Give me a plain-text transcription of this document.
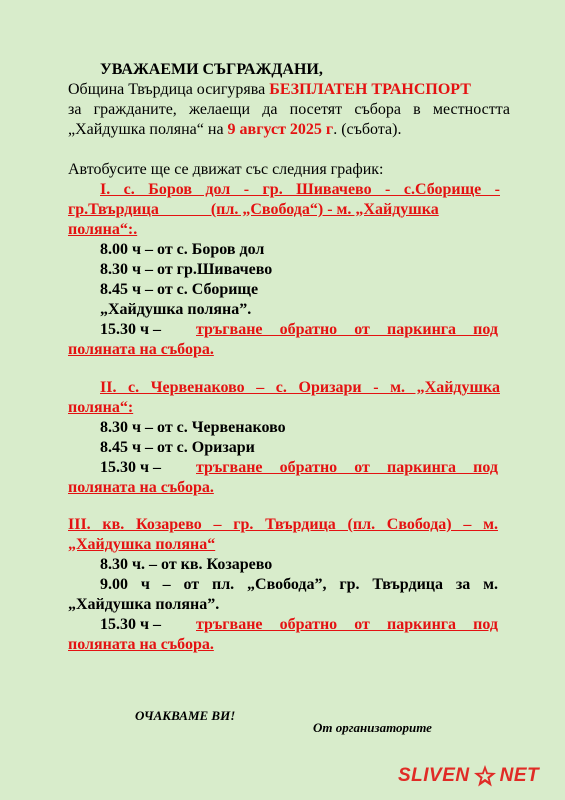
УВАЖАЕМИ СЪГРАЖДАНИ,
Община Твърдица осигурява БЕЗПЛАТЕН ТРАНСПОРТ
за гражданите, желаещи да посетят събора в местността
„Хайдушка поляна“ на 9 август 2025 г. (събота).
Автобусите ще се движат със следния график:
I. с. Боров дол - гр. Шивачево - с.Сборище -
гр.Твърдица             (пл. „Свобода“) - м. „Хайдушка
поляна“:.
8.00 ч – от с. Боров дол
8.30 ч – от гр.Шивачево
8.45 ч – от с. Сборище
„Хайдушка поляна”.
15.30 ч – тръгване обратно от паркинга под
поляната на събора.
II. с. Червенаково – с. Оризари - м. „Хайдушка
поляна“:
8.30 ч – от с. Червенаково
8.45 ч – от с. Оризари
15.30 ч – тръгване обратно от паркинга под
поляната на събора.
III. кв. Козарево – гр. Твърдица (пл. Свобода) – м.
„Хайдушка поляна“
8.30 ч. – от кв. Козарево
9.00 ч – от пл. „Свобода”, гр. Твърдица за м.
„Хайдушка поляна”.
15.30 ч – тръгване обратно от паркинга под
поляната на събора.
ОЧАКВАМЕ ВИ!
От организаторите
SLIVEN NET
